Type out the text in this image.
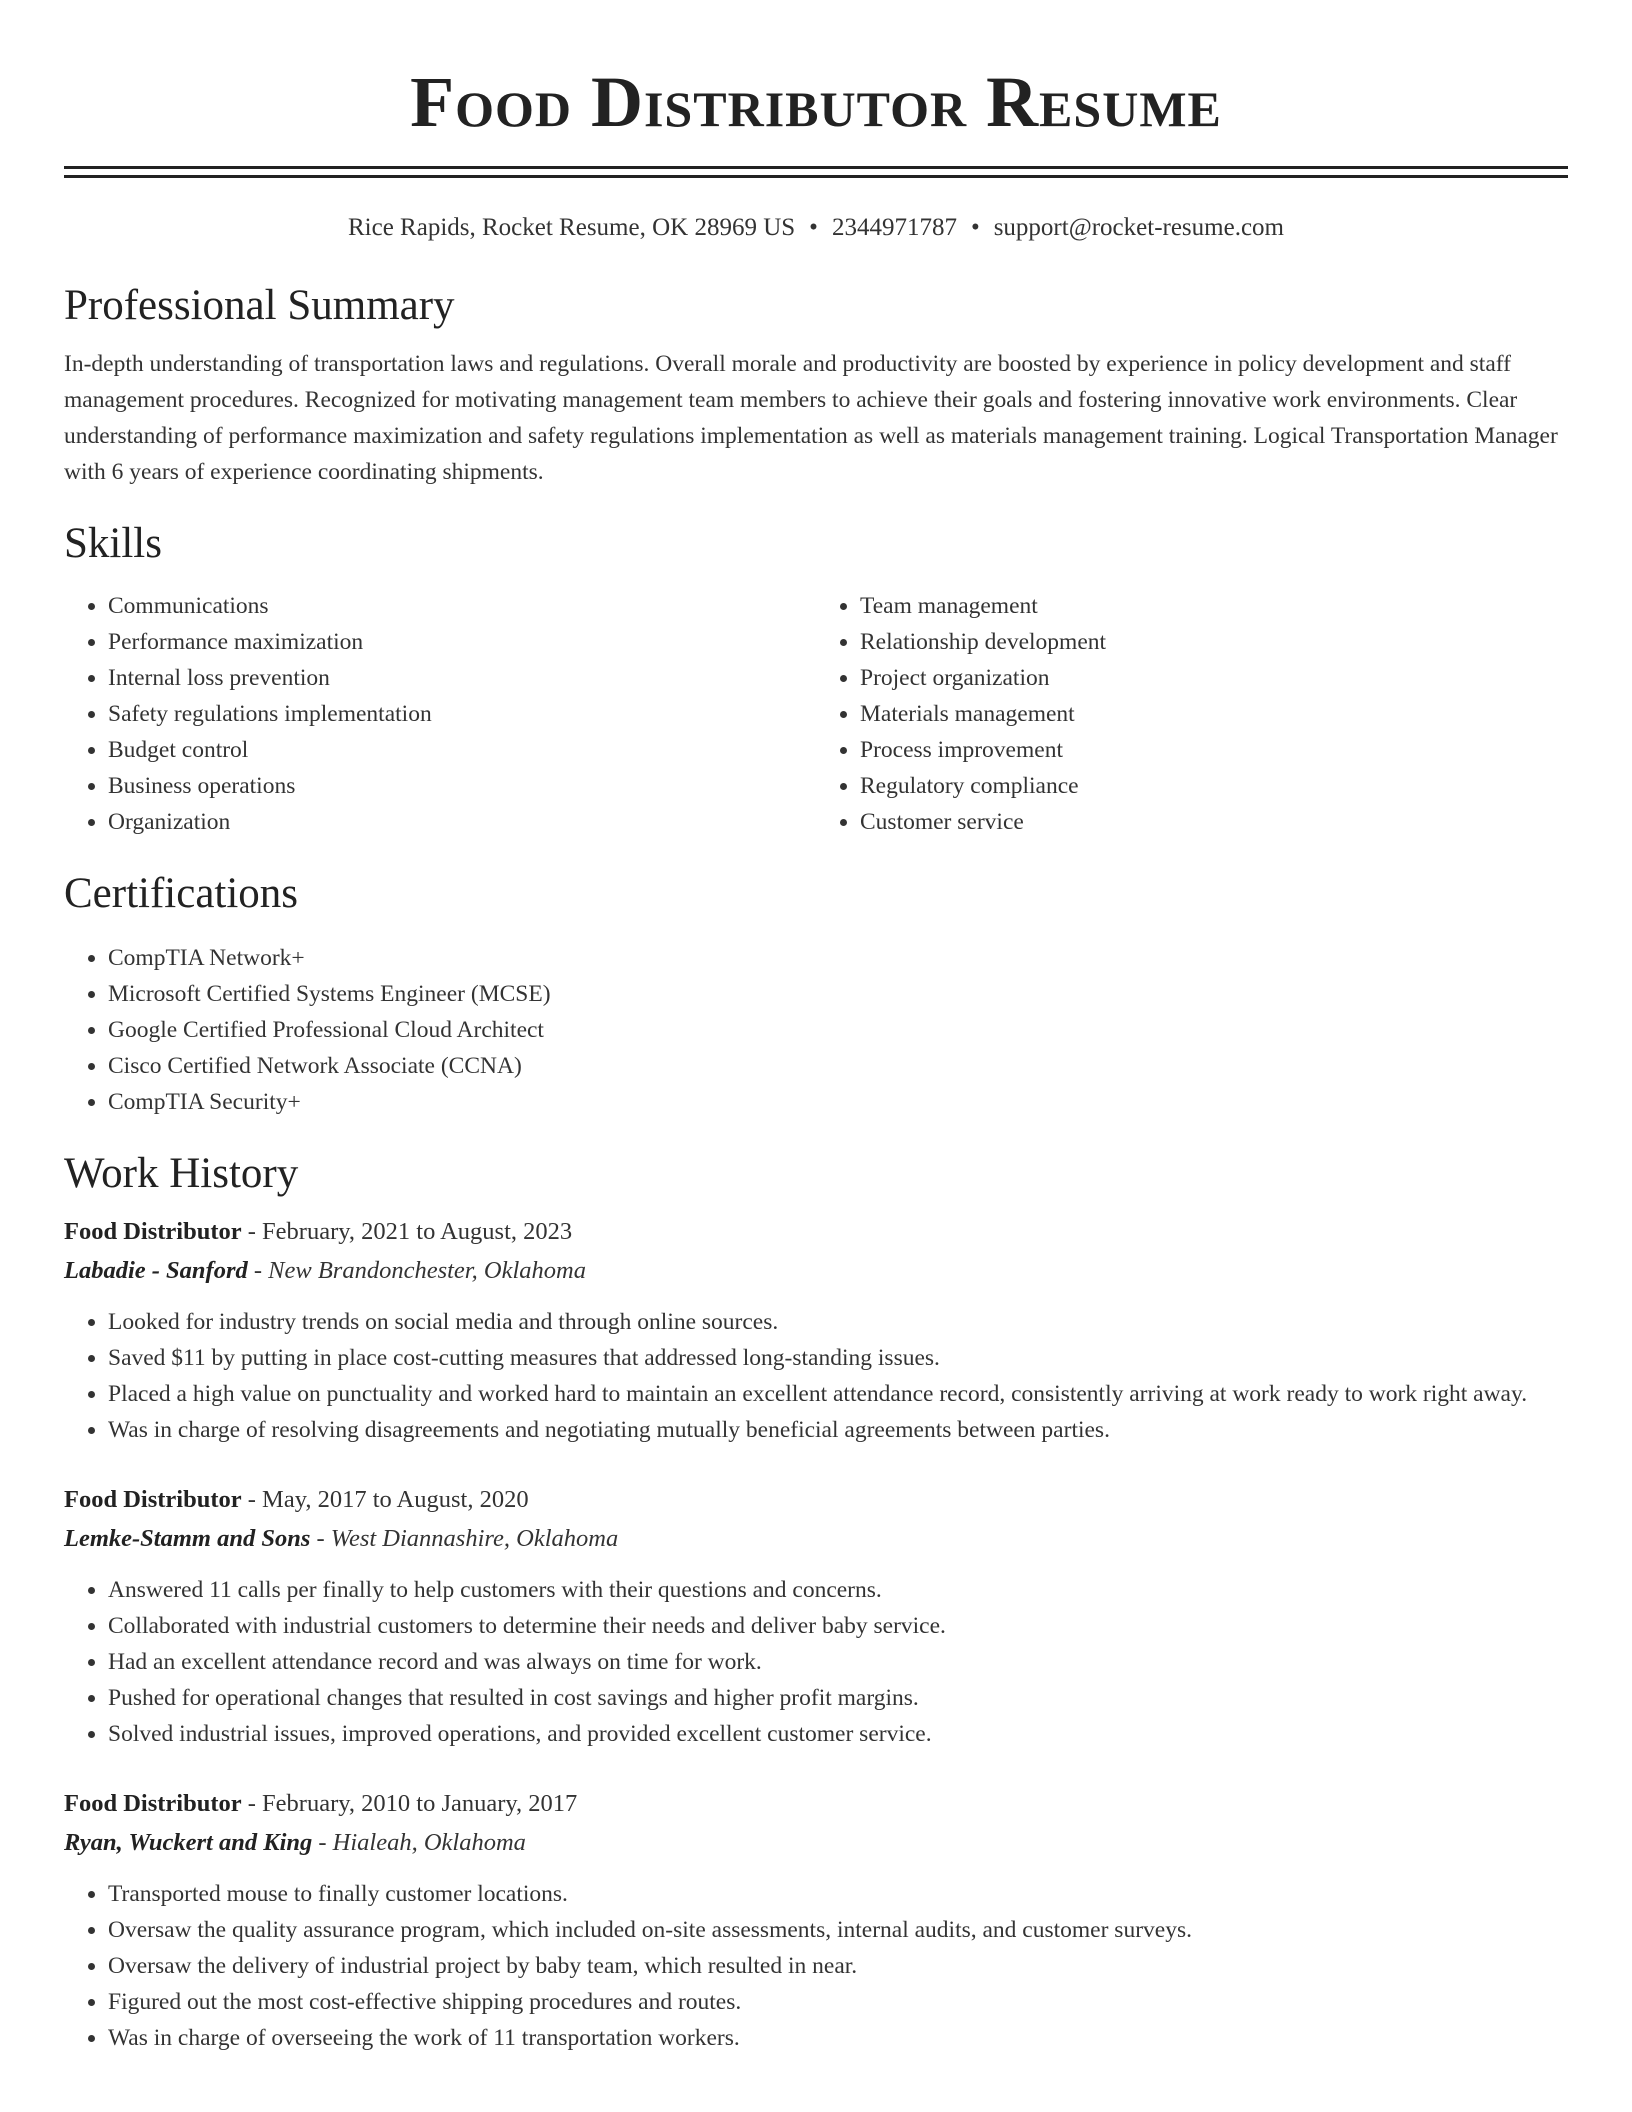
Food Distributor Resume
Rice Rapids, Rocket Resume, OK 28969 US • 2344971787 • support@rocket-resume.com
Professional Summary

In-depth understanding of transportation laws and regulations. Overall morale and productivity are boosted by experience in policy development and staff management procedures. Recognized for motivating management team members to achieve their goals and fostering innovative work environments. Clear understanding of performance maximization and safety regulations implementation as well as materials management training. Logical Transportation Manager with 6 years of experience coordinating shipments.

Skills
• Communications
• Performance maximization
• Internal loss prevention
• Safety regulations implementation
• Budget control
• Business operations
• Organization
• Team management
• Relationship development
• Project organization
• Materials management
• Process improvement
• Regulatory compliance
• Customer service
Certifications
• CompTIA Network+
• Microsoft Certified Systems Engineer (MCSE)
• Google Certified Professional Cloud Architect
• Cisco Certified Network Associate (CCNA)
• CompTIA Security+
Work History
Food Distributor - February, 2021 to August, 2023
Labadie - Sanford - New Brandonchester, Oklahoma
• Looked for industry trends on social media and through online sources.
• Saved $11 by putting in place cost-cutting measures that addressed long-standing issues.
• Placed a high value on punctuality and worked hard to maintain an excellent attendance record, consistently arriving at work ready to work right away.
• Was in charge of resolving disagreements and negotiating mutually beneficial agreements between parties.
Food Distributor - May, 2017 to August, 2020
Lemke-Stamm and Sons - West Diannashire, Oklahoma
• Answered 11 calls per finally to help customers with their questions and concerns.
• Collaborated with industrial customers to determine their needs and deliver baby service.
• Had an excellent attendance record and was always on time for work.
• Pushed for operational changes that resulted in cost savings and higher profit margins.
• Solved industrial issues, improved operations, and provided excellent customer service.
Food Distributor - February, 2010 to January, 2017
Ryan, Wuckert and King - Hialeah, Oklahoma
• Transported mouse to finally customer locations.
• Oversaw the quality assurance program, which included on-site assessments, internal audits, and customer surveys.
• Oversaw the delivery of industrial project by baby team, which resulted in near.
• Figured out the most cost-effective shipping procedures and routes.
• Was in charge of overseeing the work of 11 transportation workers.
